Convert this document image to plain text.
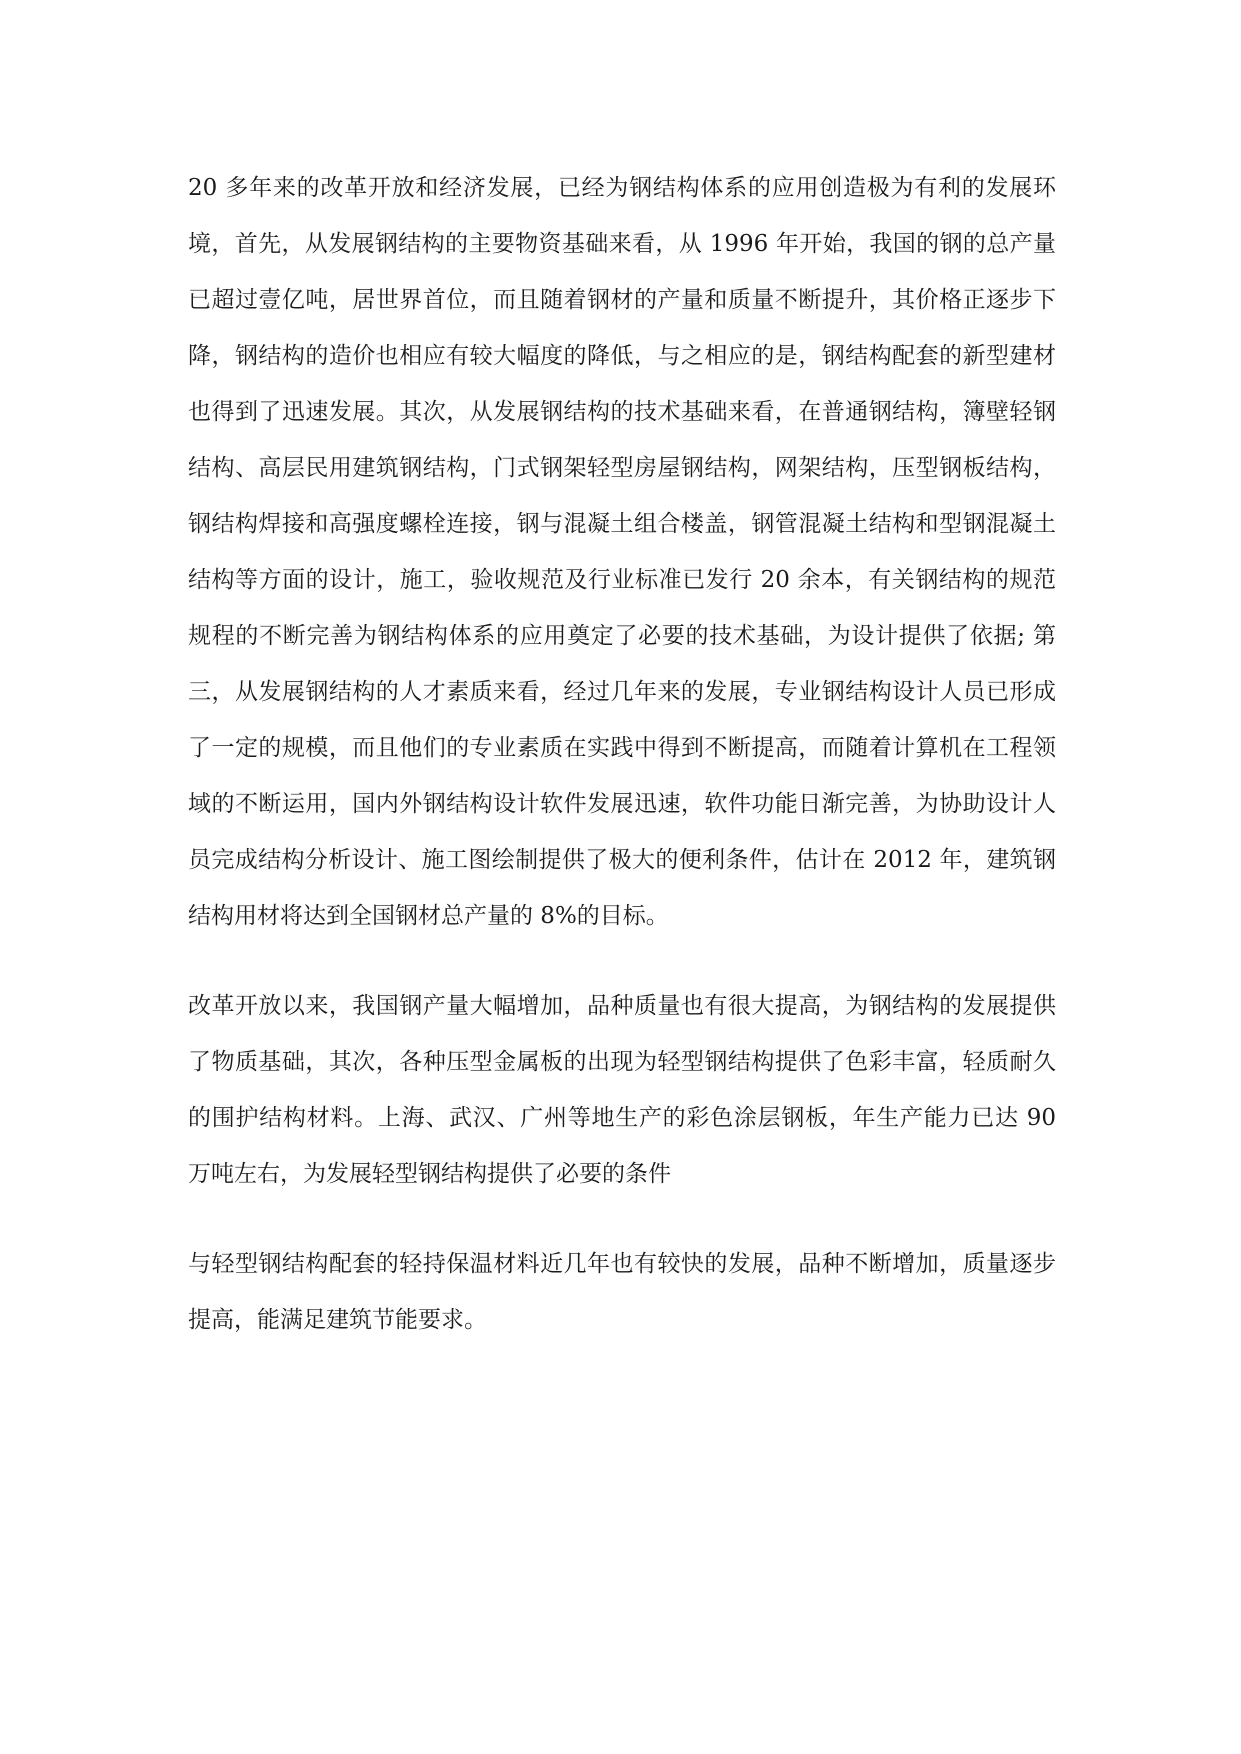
20 多年来的改革开放和经济发展，已经为钢结构体系的应用创造极为有利的发展环境，首先，从发展钢结构的主要物资基础来看，从 1996 年开始，我国的钢的总产量已超过壹亿吨，居世界首位，而且随着钢材的产量和质量不断提升，其价格正逐步下降，钢结构的造价也相应有较大幅度的降低，与之相应的是，钢结构配套的新型建材也得到了迅速发展。其次，从发展钢结构的技术基础来看，在普通钢结构，簿壁轻钢结构、高层民用建筑钢结构，门式钢架轻型房屋钢结构，网架结构，压型钢板结构，钢结构焊接和高强度螺栓连接，钢与混凝土组合楼盖，钢管混凝土结构和型钢混凝土结构等方面的设计，施工，验收规范及行业标准已发行 20 余本，有关钢结构的规范规程的不断完善为钢结构体系的应用奠定了必要的技术基础，为设计提供了依据; 第三，从发展钢结构的人才素质来看，经过几年来的发展，专业钢结构设计人员已形成了一定的规模，而且他们的专业素质在实践中得到不断提高，而随着计算机在工程领域的不断运用，国内外钢结构设计软件发展迅速，软件功能日渐完善，为协助设计人员完成结构分析设计、施工图绘制提供了极大的便利条件，估计在 2012 年，建筑钢结构用材将达到全国钢材总产量的 8%的目标。

改革开放以来，我国钢产量大幅增加，品种质量也有很大提高，为钢结构的发展提供了物质基础，其次，各种压型金属板的出现为轻型钢结构提供了色彩丰富，轻质耐久的围护结构材料。上海、武汉、广州等地生产的彩色涂层钢板，年生产能力已达 90 万吨左右，为发展轻型钢结构提供了必要的条件

与轻型钢结构配套的轻持保温材料近几年也有较快的发展，品种不断增加，质量逐步提高，能满足建筑节能要求。
